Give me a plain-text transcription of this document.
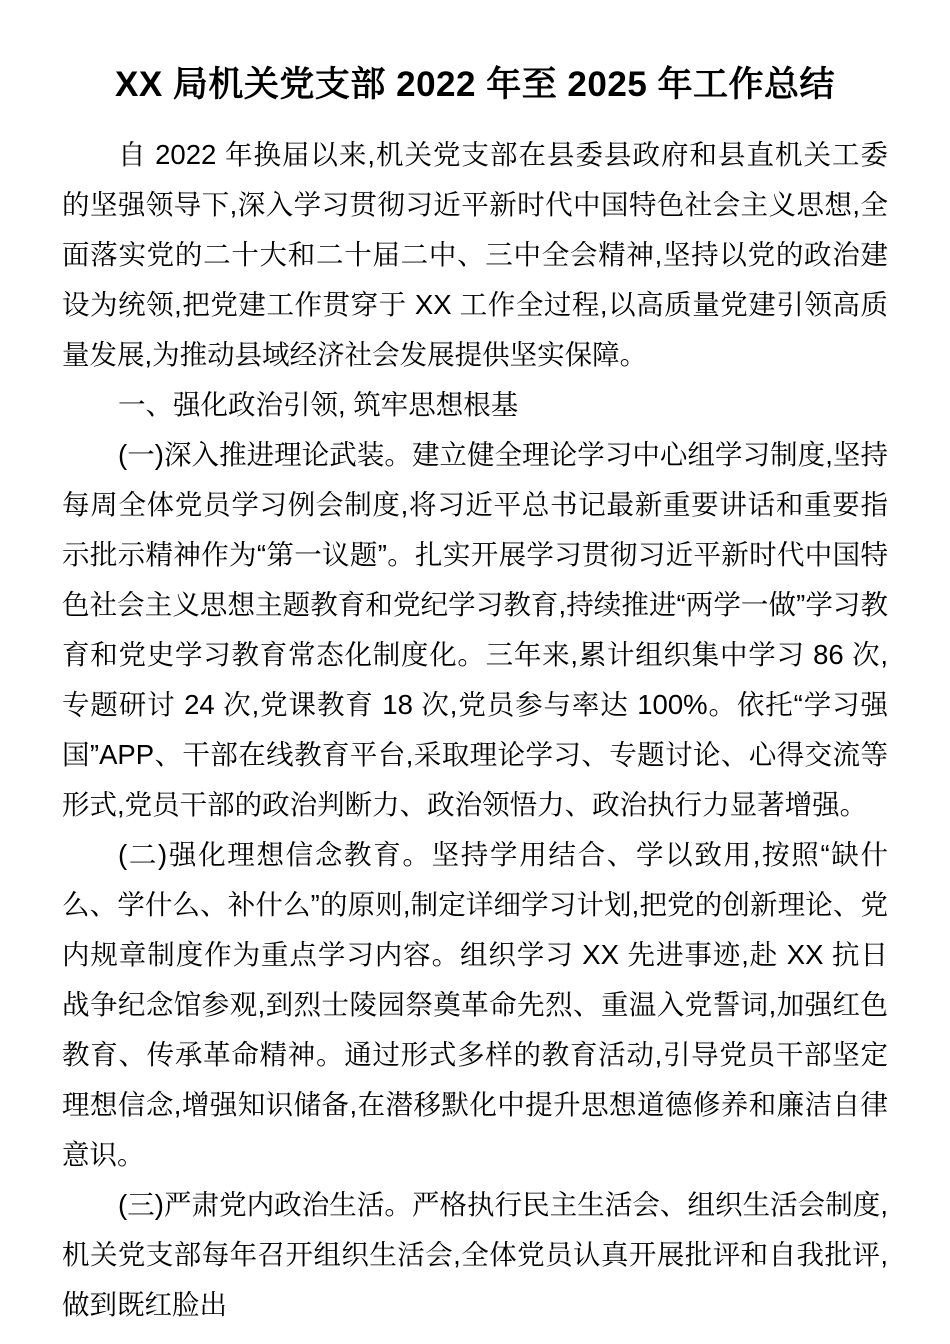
XX 局机关党支部 2022 年至 2025 年工作总结

自 2022 年换届以来,机关党支部在县委县政府和县直机关工委的坚强领导下,深入学习贯彻习近平新时代中国特色社会主义思想,全面落实党的二十大和二十届二中、三中全会精神,坚持以党的政治建设为统领,把党建工作贯穿于 XX 工作全过程,以高质量党建引领高质量发展,为推动县域经济社会发展提供坚实保障。

一、强化政治引领, 筑牢思想根基

(一)深入推进理论武装。建立健全理论学习中心组学习制度,坚持每周全体党员学习例会制度,将习近平总书记最新重要讲话和重要指示批示精神作为“第一议题”。扎实开展学习贯彻习近平新时代中国特色社会主义思想主题教育和党纪学习教育,持续推进“两学一做”学习教育和党史学习教育常态化制度化。三年来,累计组织集中学习 86 次,专题研讨 24 次,党课教育 18 次,党员参与率达 100%。依托“学习强国”APP、干部在线教育平台,采取理论学习、专题讨论、心得交流等形式,党员干部的政治判断力、政治领悟力、政治执行力显著增强。

(二)强化理想信念教育。坚持学用结合、学以致用,按照“缺什么、学什么、补什么”的原则,制定详细学习计划,把党的创新理论、党内规章制度作为重点学习内容。组织学习 XX 先进事迹,赴 XX 抗日战争纪念馆参观,到烈士陵园祭奠革命先烈、重温入党誓词,加强红色教育、传承革命精神。通过形式多样的教育活动,引导党员干部坚定理想信念,增强知识储备,在潜移默化中提升思想道德修养和廉洁自律意识。

(三)严肃党内政治生活。严格执行民主生活会、组织生活会制度,机关党支部每年召开组织生活会,全体党员认真开展批评和自我批评,做到既红脸出
